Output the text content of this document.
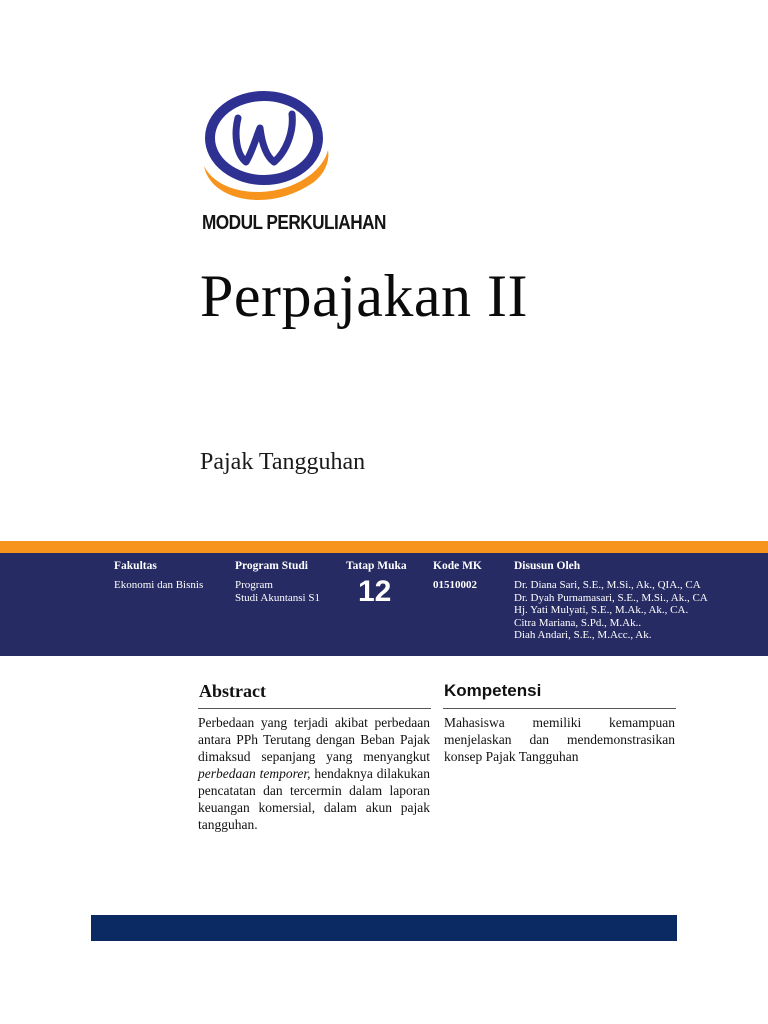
MODUL PERKULIAHAN
Perpajakan II
Pajak Tangguhan
Fakultas
Ekonomi dan Bisnis
Program Studi
Program
Studi Akuntansi S1
Tatap Muka
12
Kode MK
01510002
Disusun Oleh
Dr. Diana Sari, S.E., M.Si., Ak., QIA., CA
Dr. Dyah Purnamasari, S.E., M.Si., Ak., CA
Hj. Yati Mulyati, S.E., M.Ak., Ak., CA.
Citra Mariana, S.Pd., M.Ak..
Diah Andari, S.E., M.Acc., Ak.
Abstract
Perbedaan yang terjadi akibat perbedaan antara PPh Terutang dengan Beban Pajak dimaksud sepanjang yang menyangkut perbedaan temporer, hendaknya dilakukan pencatatan dan tercermin dalam laporan keuangan komersial, dalam akun pajak tangguhan.
Kompetensi
Mahasiswa memiliki kemampuan menjelaskan dan mendemonstrasikan konsep Pajak Tangguhan
